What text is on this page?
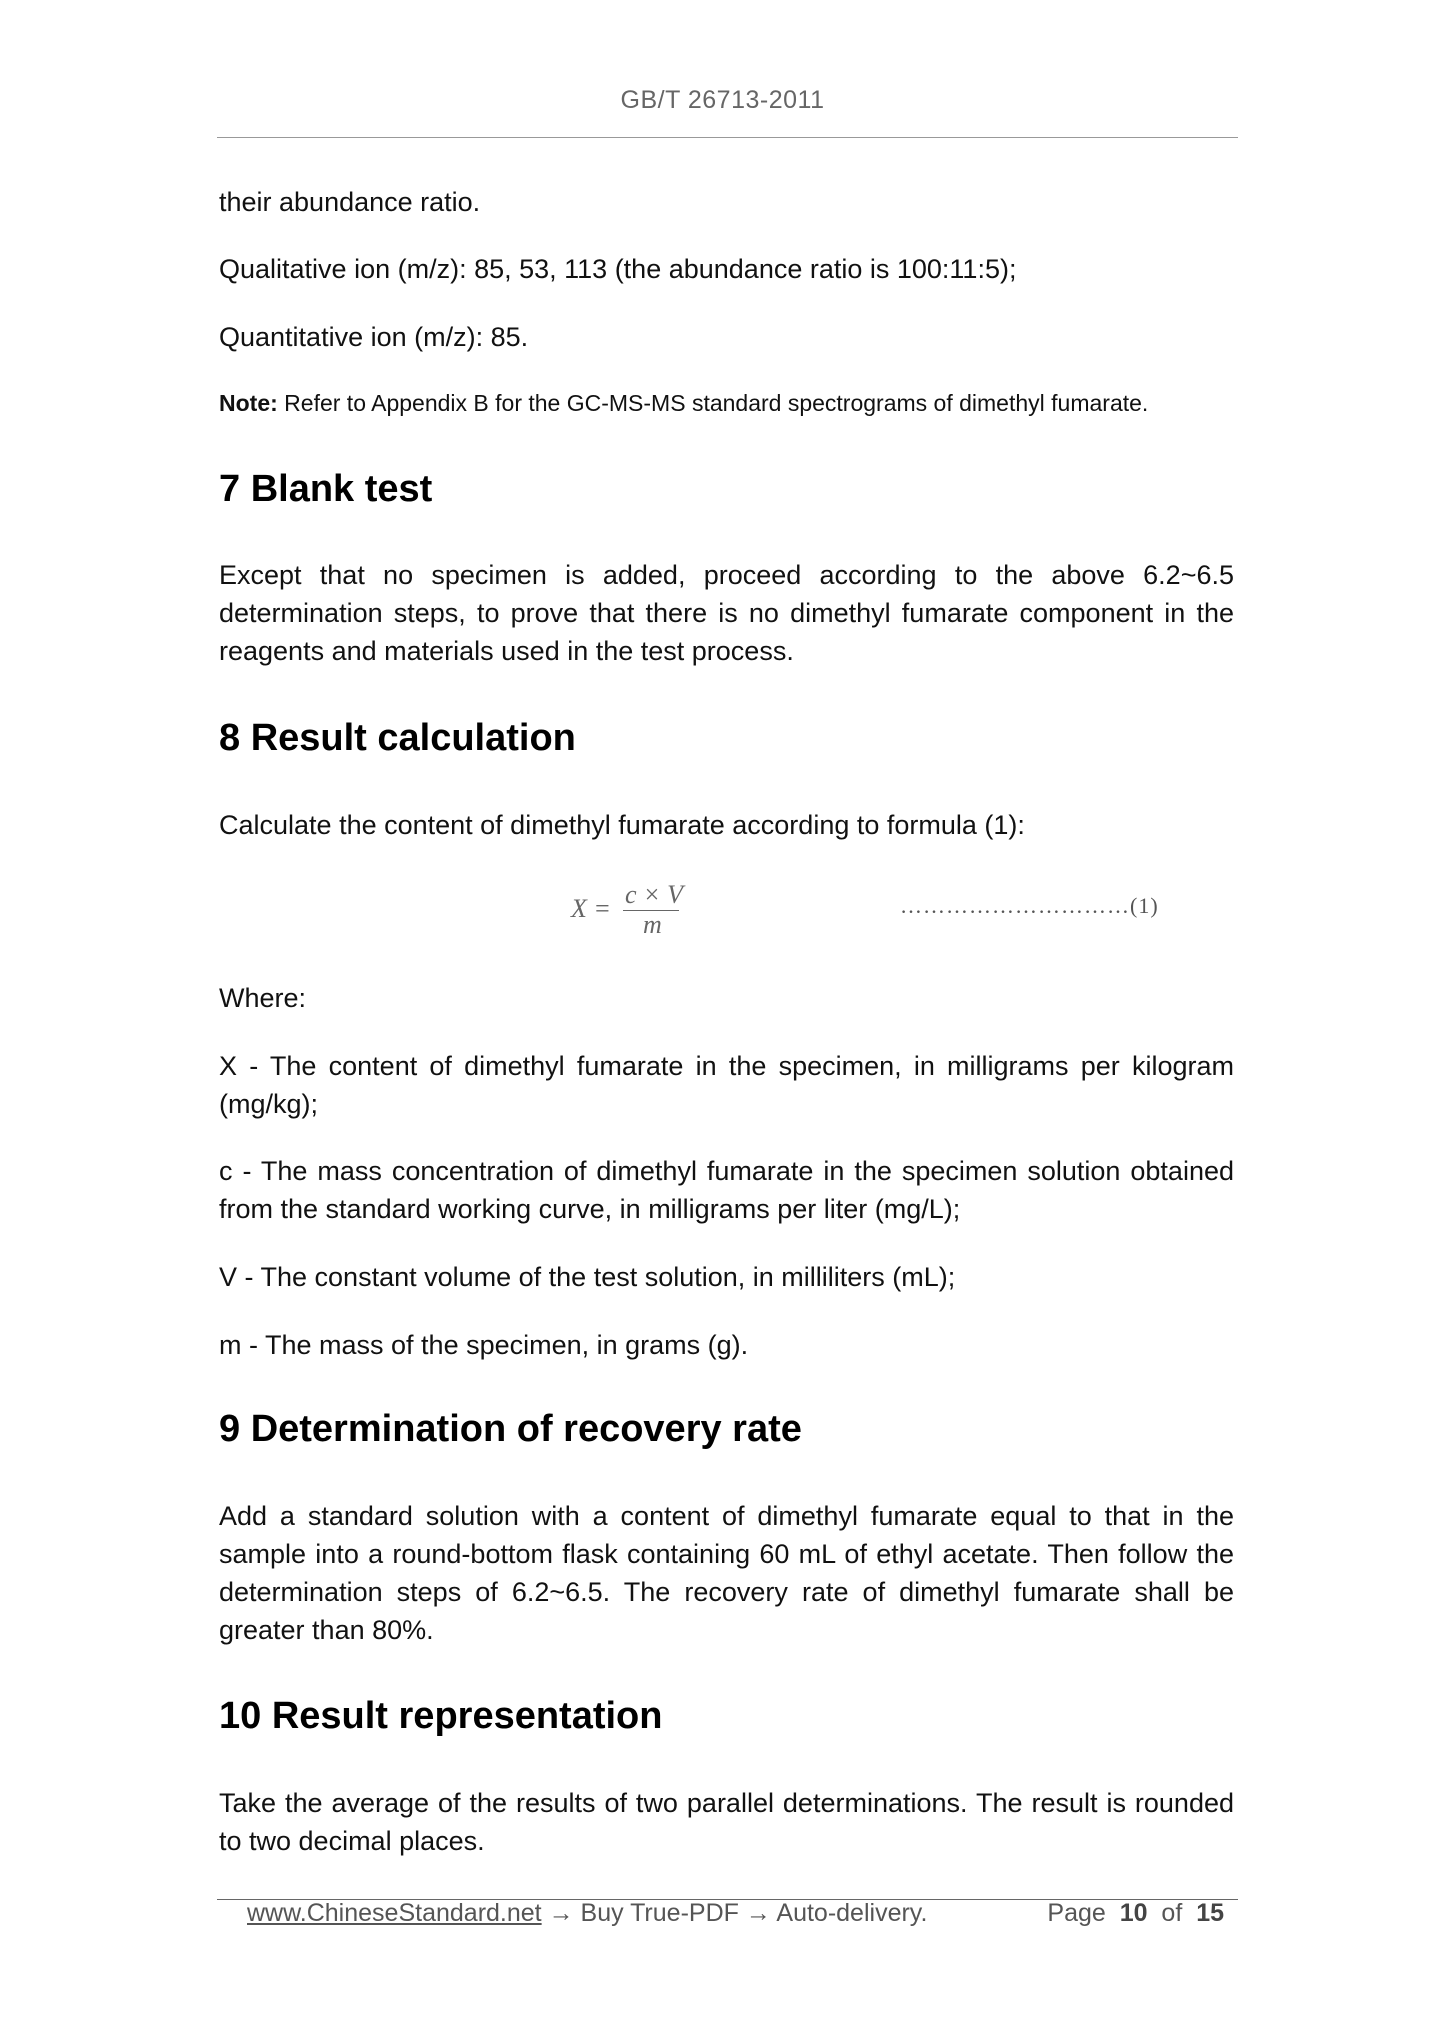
GB/T 26713-2011

their abundance ratio.

Qualitative ion (m/z): 85, 53, 113 (the abundance ratio is 100:11:5);

Quantitative ion (m/z): 85.

Note: Refer to Appendix B for the GC-MS-MS standard spectrograms of dimethyl fumarate.
7 Blank test

Except that no specimen is added, proceed according to the above 6.2~6.5 determination steps, to prove that there is no dimethyl fumarate component in the reagents and materials used in the test process.

8 Result calculation

Calculate the content of dimethyl fumarate according to formula (1):

X = c × V
m
…………………………(1)

Where:

X - The content of dimethyl fumarate in the specimen, in milligrams per kilogram (mg/kg);

c - The mass concentration of dimethyl fumarate in the specimen solution obtained from the standard working curve, in milligrams per liter (mg/L);

V - The constant volume of the test solution, in milliliters (mL);

m - The mass of the specimen, in grams (g).

9 Determination of recovery rate

Add a standard solution with a content of dimethyl fumarate equal to that in the sample into a round-bottom flask containing 60 mL of ethyl acetate. Then follow the determination steps of 6.2~6.5. The recovery rate of dimethyl fumarate shall be greater than 80%.

10 Result representation

Take the average of the results of two parallel determinations. The result is rounded to two decimal places.

www.ChineseStandard.net → Buy True-PDF → Auto-delivery.	Page 10 of 15
